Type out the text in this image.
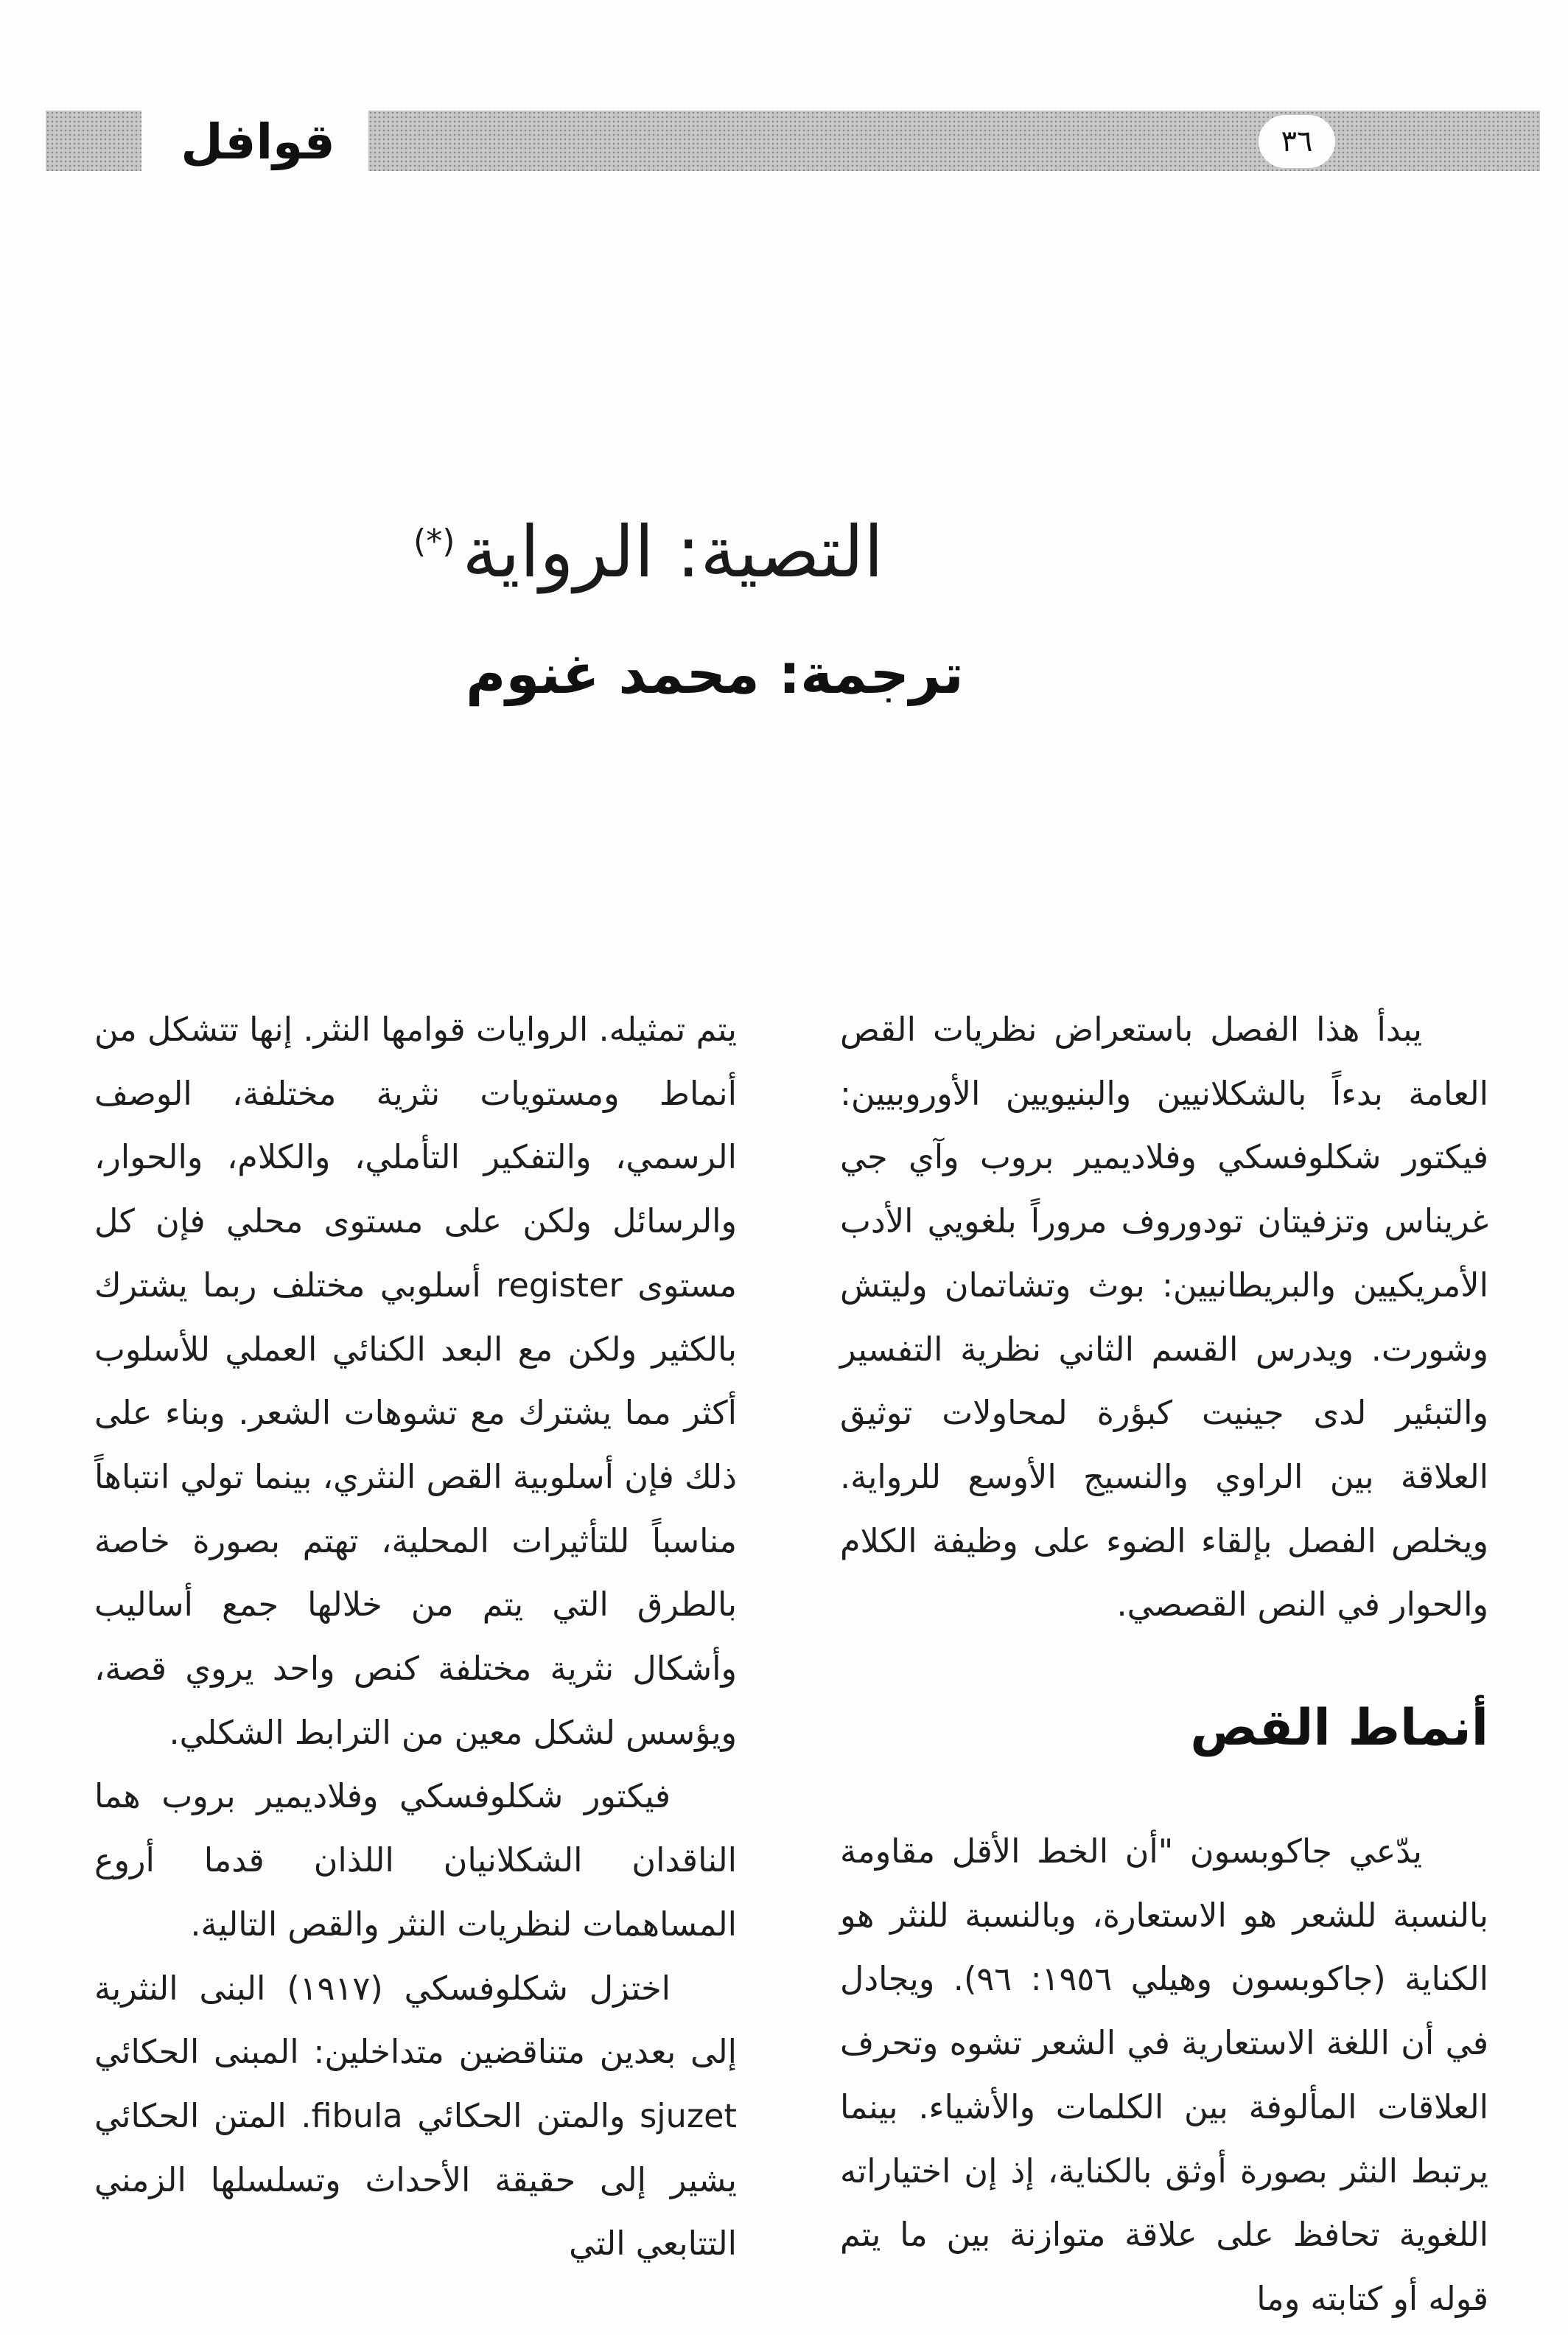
قوافل	٣٦
التصية: الرواية(*)
ترجمة: محمد غنوم

يبدأ هذا الفصل باستعراض نظريات القص العامة بدءاً بالشكلانيين والبنيويين الأوروبيين: فيكتور شكلوفسكي وفلاديمير بروب وآي جي غريناس وتزفيتان تودوروف مروراً بلغويي الأدب الأمريكيين والبريطانيين: بوث وتشاتمان وليتش وشورت. ويدرس القسم الثاني نظرية التفسير والتبئير لدى جينيت كبؤرة لمحاولات توثيق العلاقة بين الراوي والنسيج الأوسع للرواية. ويخلص الفصل بإلقاء الضوء على وظيفة الكلام والحوار في النص القصصي.

أنماط القص

يدّعي جاكوبسون "أن الخط الأقل مقاومة بالنسبة للشعر هو الاستعارة، وبالنسبة للنثر هو الكناية (جاكوبسون وهيلي ١٩٥٦: ٩٦). ويجادل في أن اللغة الاستعارية في الشعر تشوه وتحرف العلاقات المألوفة بين الكلمات والأشياء. بينما يرتبط النثر بصورة أوثق بالكناية، إذ إن اختياراته اللغوية تحافظ على علاقة متوازنة بين ما يتم قوله أو كتابته وما

يتم تمثيله. الروايات قوامها النثر. إنها تتشكل من أنماط ومستويات نثرية مختلفة، الوصف الرسمي، والتفكير التأملي، والكلام، والحوار، والرسائل ولكن على مستوى محلي فإن كل مستوى register أسلوبي مختلف ربما يشترك بالكثير ولكن مع البعد الكنائي العملي للأسلوب أكثر مما يشترك مع تشوهات الشعر. وبناء على ذلك فإن أسلوبية القص النثري، بينما تولي انتباهاً مناسباً للتأثيرات المحلية، تهتم بصورة خاصة بالطرق التي يتم من خلالها جمع أساليب وأشكال نثرية مختلفة كنص واحد يروي قصة، ويؤسس لشكل معين من الترابط الشكلي.

فيكتور شكلوفسكي وفلاديمير بروب هما الناقدان الشكلانيان اللذان قدما أروع المساهمات لنظريات النثر والقص التالية.

اختزل شكلوفسكي (١٩١٧) البنى النثرية إلى بعدين متناقضين متداخلين: المبنى الحكائي sjuzet والمتن الحكائي fibula. المتن الحكائي يشير إلى حقيقة الأحداث وتسلسلها الزمني التتابعي التي
